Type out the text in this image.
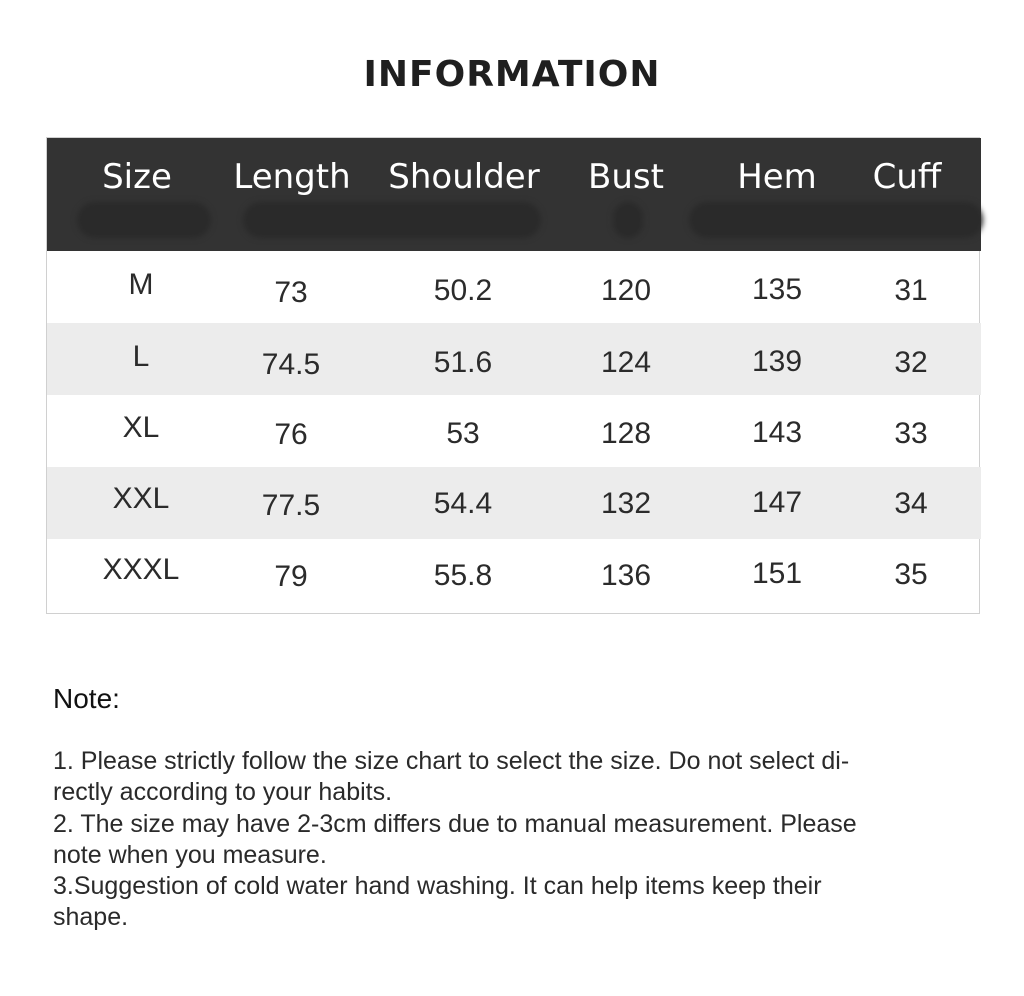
INFORMATION
Size	Length	Shoulder	Bust	Hem	Cuff
M	73	50.2	120	135	31
L	74.5	51.6	124	139	32
XL	76	53	128	143	33
XXL	77.5	54.4	132	147	34
XXXL	79	55.8	136	151	35
Note:
1. Please strictly follow the size chart to select the size. Do not select di-
rectly according to your habits.
2. The size may have 2-3cm differs due to manual measurement. Please
note when you measure.
3.Suggestion of cold water hand washing. It can help items keep their
shape.
